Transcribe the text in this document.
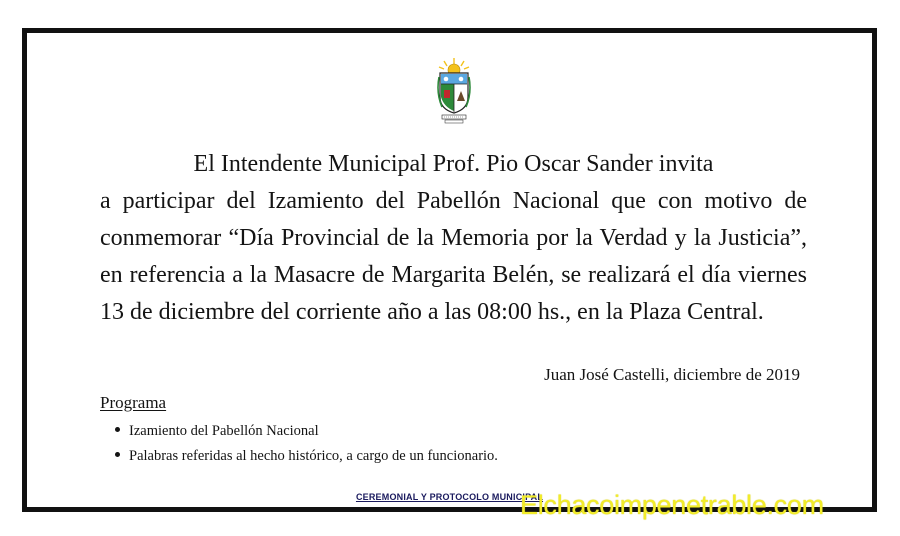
El Intendente Municipal Prof. Pio Oscar Sander invita
a participar del Izamiento del Pabellón Nacional que con motivo de conmemorar “Día Provincial de la Memoria por la Verdad y la Justicia”, en referencia a la Masacre de Margarita Belén, se realizará el día viernes 13 de diciembre del corriente año a las 08:00 hs., en la Plaza Central.

Juan José Castelli, diciembre de 2019
Programa
Izamiento del Pabellón Nacional
Palabras referidas al hecho histórico, a cargo de un funcionario.
CEREMONIAL Y PROTOCOLO MUNICIPAL
Elchacoimpenetrable.com
